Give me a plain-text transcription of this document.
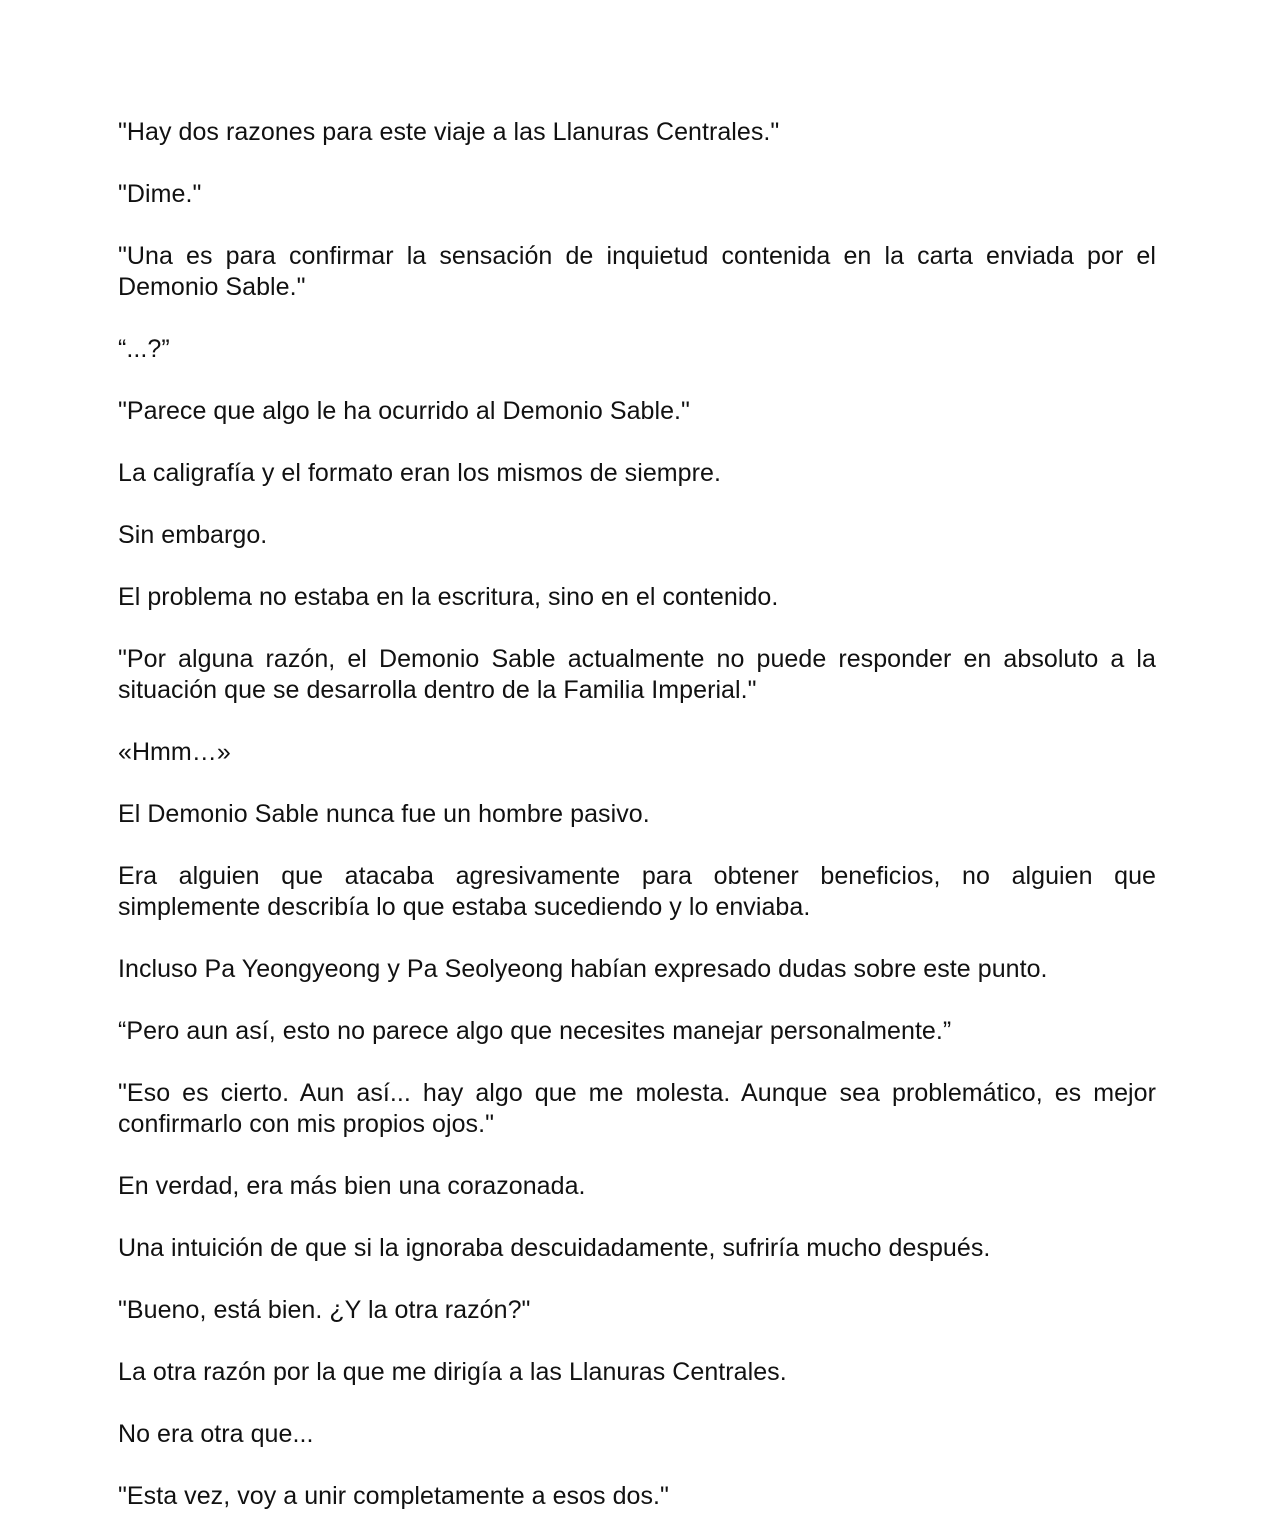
"Hay dos razones para este viaje a las Llanuras Centrales."

"Dime."

"Una es para confirmar la sensación de inquietud contenida en la carta enviada por el Demonio Sable."

“...?”

"Parece que algo le ha ocurrido al Demonio Sable."

La caligrafía y el formato eran los mismos de siempre.

Sin embargo.

El problema no estaba en la escritura, sino en el contenido.

"Por alguna razón, el Demonio Sable actualmente no puede responder en absoluto a la situación que se desarrolla dentro de la Familia Imperial."

«Hmm…»

El Demonio Sable nunca fue un hombre pasivo.

Era alguien que atacaba agresivamente para obtener beneficios, no alguien que simplemente describía lo que estaba sucediendo y lo enviaba.

Incluso Pa Yeongyeong y Pa Seolyeong habían expresado dudas sobre este punto.

“Pero aun así, esto no parece algo que necesites manejar personalmente.”

"Eso es cierto. Aun así... hay algo que me molesta. Aunque sea problemático, es mejor confirmarlo con mis propios ojos."

En verdad, era más bien una corazonada.

Una intuición de que si la ignoraba descuidadamente, sufriría mucho después.

"Bueno, está bien. ¿Y la otra razón?"

La otra razón por la que me dirigía a las Llanuras Centrales.

No era otra que...

"Esta vez, voy a unir completamente a esos dos."
